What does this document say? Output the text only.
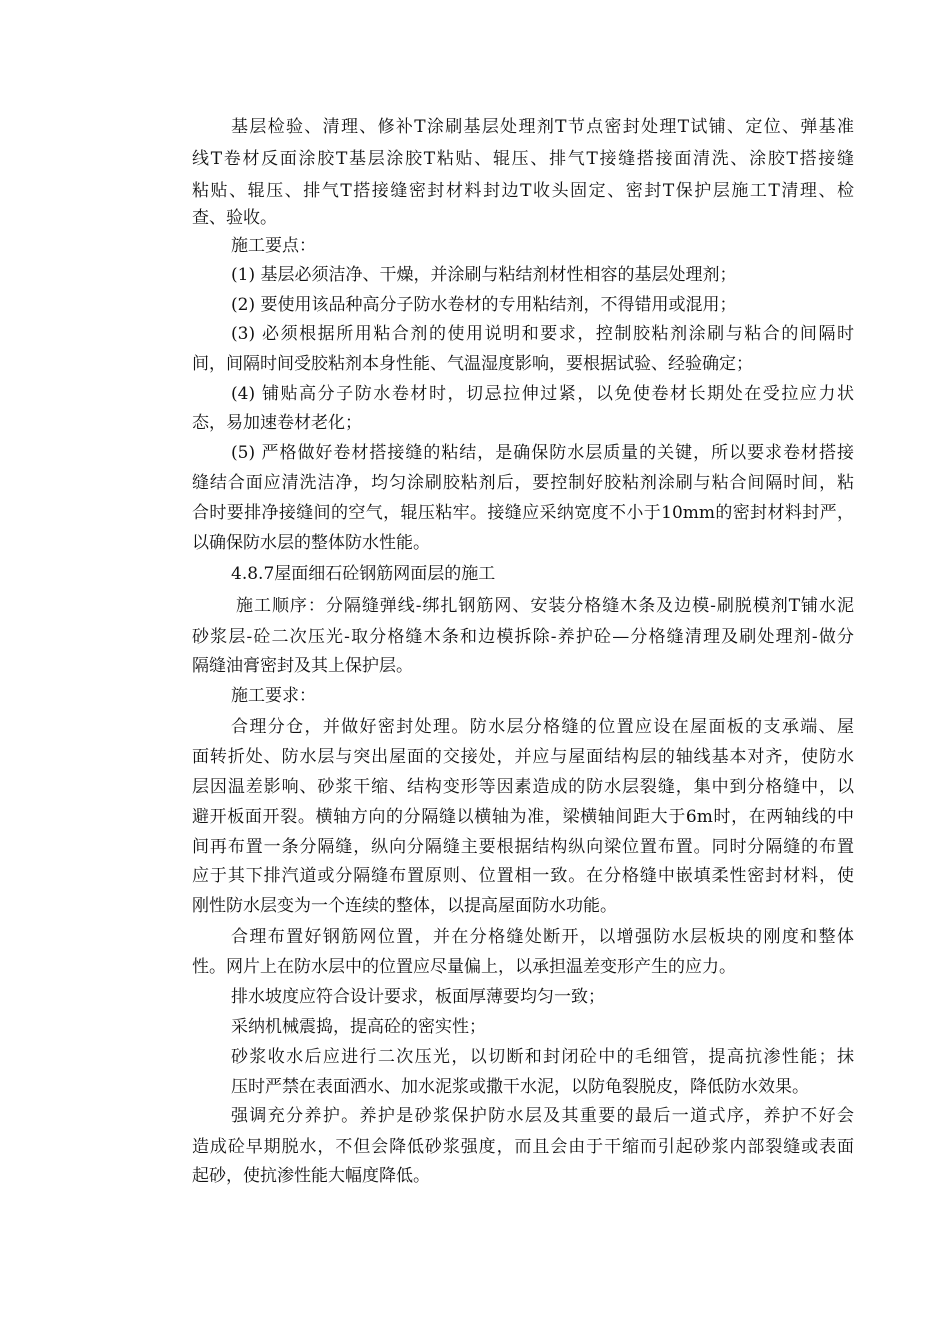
基层检验、清理、修补T涂刷基层处理剂T节点密封处理T试铺、定位、弹基准
线T卷材反面涂胶T基层涂胶T粘贴、辊压、排气T接缝搭接面清洗、涂胶T搭接缝
粘贴、辊压、排气T搭接缝密封材料封边T收头固定、密封T保护层施工T清理、检
查、验收。
施工要点：
(1) 基层必须洁净、干燥，并涂刷与粘结剂材性相容的基层处理剂；
(2) 要使用该品种高分子防水卷材的专用粘结剂，不得错用或混用；
(3) 必须根据所用粘合剂的使用说明和要求，控制胶粘剂涂刷与粘合的间隔时
间，间隔时间受胶粘剂本身性能、气温湿度影响，要根据试验、经验确定；
(4) 铺贴高分子防水卷材时，切忌拉伸过紧，以免使卷材长期处在受拉应力状
态，易加速卷材老化；
(5) 严格做好卷材搭接缝的粘结，是确保防水层质量的关键，所以要求卷材搭接
缝结合面应清洗洁净，均匀涂刷胶粘剂后，要控制好胶粘剂涂刷与粘合间隔时间，粘
合时要排净接缝间的空气，辊压粘牢。接缝应采纳宽度不小于10mm的密封材料封严，
以确保防水层的整体防水性能。
4.8.7屋面细石砼钢筋网面层的施工
施工顺序：分隔缝弹线-绑扎钢筋网、安装分格缝木条及边模-刷脱模剂T铺水泥
砂浆层-砼二次压光-取分格缝木条和边模拆除-养护砼—分格缝清理及刷处理剂-做分
隔缝油膏密封及其上保护层。
施工要求：
合理分仓，并做好密封处理。防水层分格缝的位置应设在屋面板的支承端、屋
面转折处、防水层与突出屋面的交接处，并应与屋面结构层的轴线基本对齐，使防水
层因温差影响、砂浆干缩、结构变形等因素造成的防水层裂缝，集中到分格缝中，以
避开板面开裂。横轴方向的分隔缝以横轴为准，梁横轴间距大于6m时，在两轴线的中
间再布置一条分隔缝，纵向分隔缝主要根据结构纵向梁位置布置。同时分隔缝的布置
应于其下排汽道或分隔缝布置原则、位置相一致。在分格缝中嵌填柔性密封材料，使
刚性防水层变为一个连续的整体，以提高屋面防水功能。
合理布置好钢筋网位置，并在分格缝处断开，以增强防水层板块的刚度和整体
性。网片上在防水层中的位置应尽量偏上，以承担温差变形产生的应力。
排水坡度应符合设计要求，板面厚薄要均匀一致；
采纳机械震捣，提高砼的密实性；
砂浆收水后应进行二次压光，以切断和封闭砼中的毛细管，提高抗渗性能；抹
压时严禁在表面洒水、加水泥浆或撒干水泥，以防龟裂脱皮，降低防水效果。
强调充分养护。养护是砂浆保护防水层及其重要的最后一道式序，养护不好会
造成砼早期脱水，不但会降低砂浆强度，而且会由于干缩而引起砂浆内部裂缝或表面
起砂，使抗渗性能大幅度降低。
